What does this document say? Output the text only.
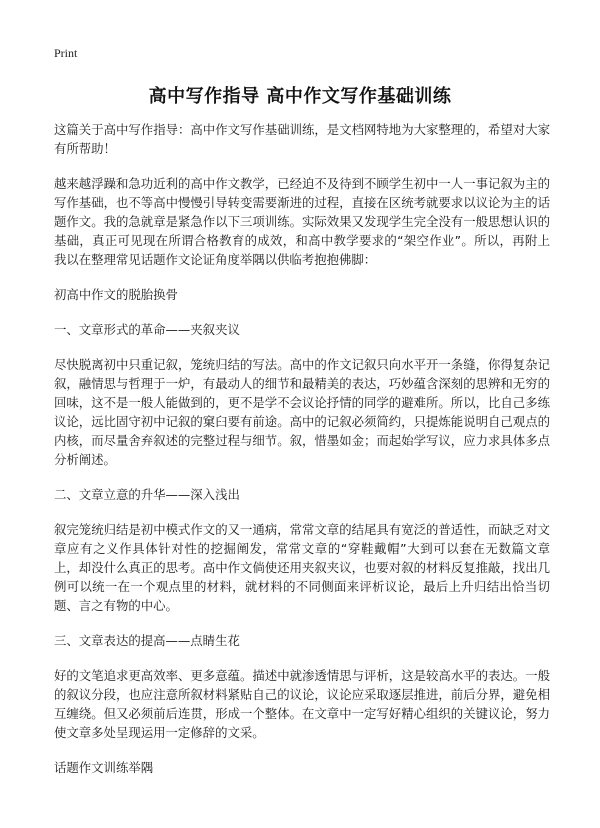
Print
高中写作指导 高中作文写作基础训练

这篇关于高中写作指导：高中作文写作基础训练，是文档网特地为大家整理的，希望对大家有所帮助！

越来越浮躁和急功近利的高中作文教学，已经迫不及待到不顾学生初中一人一事记叙为主的写作基础，也不等高中慢慢引导转变需要渐进的过程，直接在区统考就要求以议论为主的话题作文。我的急就章是紧急作以下三项训练。实际效果又发现学生完全没有一般思想认识的基础，真正可见现在所谓合格教育的成效，和高中教学要求的“架空作业”。所以，再附上我以在整理常见话题作文论证角度举隅以供临考抱抱佛脚：

初高中作文的脱胎换骨
一、文章形式的革命——夹叙夹议

尽快脱离初中只重记叙，笼统归结的写法。高中的作文记叙只向水平开一条缝，你得复杂记叙，融情思与哲理于一炉，有最动人的细节和最精美的表达，巧妙蕴含深刻的思辨和无穷的回味，这不是一般人能做到的，更不是学不会议论抒情的同学的避难所。所以，比自己多练议论，远比固守初中记叙的窠臼要有前途。高中的记叙必须简约，只提炼能说明自己观点的内核，而尽量舍弃叙述的完整过程与细节。叙，惜墨如金；而起始学写议，应力求具体多点分析阐述。

二、文章立意的升华——深入浅出

叙完笼统归结是初中模式作文的又一通病，常常文章的结尾具有宽泛的普适性，而缺乏对文章应有之义作具体针对性的挖掘阐发，常常文章的“穿鞋戴帽”大到可以套在无数篇文章上，却没什么真正的思考。高中作文倘使还用夹叙夹议，也要对叙的材料反复推敲，找出几例可以统一在一个观点里的材料，就材料的不同侧面来评析议论，最后上升归结出恰当切题、言之有物的中心。

三、文章表达的提高——点睛生花

好的文笔追求更高效率、更多意蕴。描述中就渗透情思与评析，这是较高水平的表达。一般的叙议分段，也应注意所叙材料紧贴自己的议论，议论应采取逐层推进，前后分界，避免相互缠绕。但又必须前后连贯，形成一个整体。在文章中一定写好精心组织的关键议论，努力使文章多处呈现运用一定修辞的文采。

话题作文训练举隅
